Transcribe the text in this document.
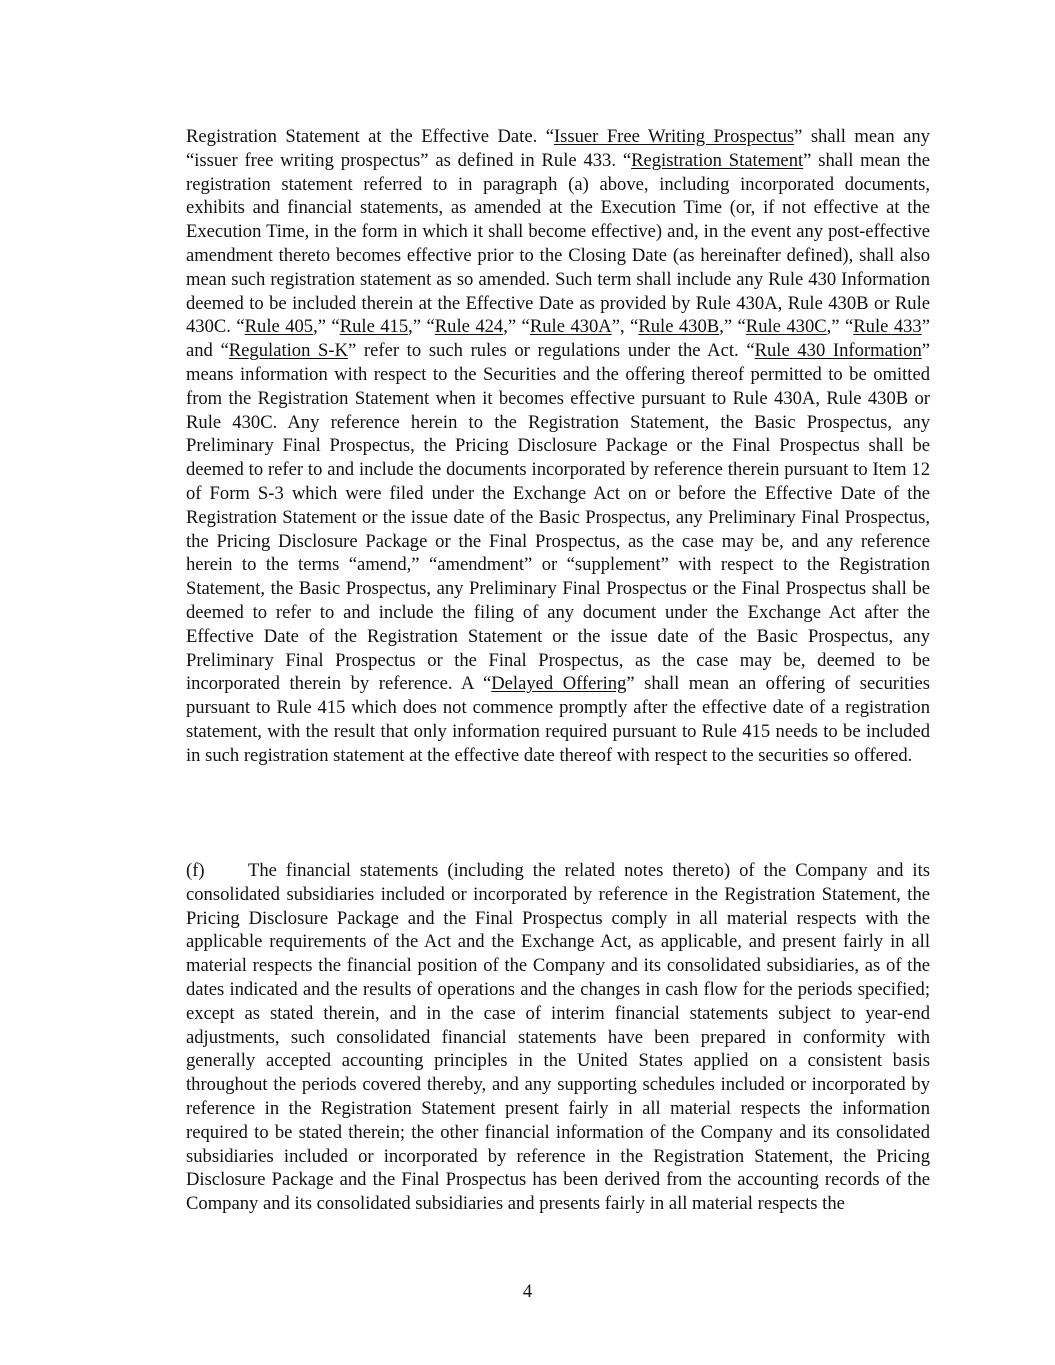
Registration Statement at the Effective Date. “Issuer Free Writing Prospectus” shall mean any “issuer free writing prospectus” as defined in Rule 433. “Registration Statement” shall mean the registration statement referred to in paragraph (a) above, including incorporated documents, exhibits and financial statements, as amended at the Execution Time (or, if not effective at the Execution Time, in the form in which it shall become effective) and, in the event any post-effective amendment thereto becomes effective prior to the Closing Date (as hereinafter defined), shall also mean such registration statement as so amended. Such term shall include any Rule 430 Information deemed to be included therein at the Effective Date as provided by Rule 430A, Rule 430B or Rule 430C. “Rule 405,” “Rule 415,” “Rule 424,” “Rule 430A”, “Rule 430B,” “Rule 430C,” “Rule 433” and “Regulation S-K” refer to such rules or regulations under the Act. “Rule 430 Information” means information with respect to the Securities and the offering thereof permitted to be omitted from the Registration Statement when it becomes effective pursuant to Rule 430A, Rule 430B or Rule 430C. Any reference herein to the Registration Statement, the Basic Prospectus, any Preliminary Final Prospectus, the Pricing Disclosure Package or the Final Prospectus shall be deemed to refer to and include the documents incorporated by reference therein pursuant to Item 12 of Form S-3 which were filed under the Exchange Act on or before the Effective Date of the Registration Statement or the issue date of the Basic Prospectus, any Preliminary Final Prospectus, the Pricing Disclosure Package or the Final Prospectus, as the case may be, and any reference herein to the terms “amend,” “amendment” or “supplement” with respect to the Registration Statement, the Basic Prospectus, any Preliminary Final Prospectus or the Final Prospectus shall be deemed to refer to and include the filing of any document under the Exchange Act after the Effective Date of the Registration Statement or the issue date of the Basic Prospectus, any Preliminary Final Prospectus or the Final Prospectus, as the case may be, deemed to be incorporated therein by reference. A “Delayed Offering” shall mean an offering of securities pursuant to Rule 415 which does not commence promptly after the effective date of a registration statement, with the result that only information required pursuant to Rule 415 needs to be included in such registration statement at the effective date thereof with respect to the securities so offered.

(f) The financial statements (including the related notes thereto) of the Company and its consolidated subsidiaries included or incorporated by reference in the Registration Statement, the Pricing Disclosure Package and the Final Prospectus comply in all material respects with the applicable requirements of the Act and the Exchange Act, as applicable, and present fairly in all material respects the financial position of the Company and its consolidated subsidiaries, as of the dates indicated and the results of operations and the changes in cash flow for the periods specified; except as stated therein, and in the case of interim financial statements subject to year-end adjustments, such consolidated financial statements have been prepared in conformity with generally accepted accounting principles in the United States applied on a consistent basis throughout the periods covered thereby, and any supporting schedules included or incorporated by reference in the Registration Statement present fairly in all material respects the information required to be stated therein; the other financial information of the Company and its consolidated subsidiaries included or incorporated by reference in the Registration Statement, the Pricing Disclosure Package and the Final Prospectus has been derived from the accounting records of the Company and its consolidated subsidiaries and presents fairly in all material respects the

4
